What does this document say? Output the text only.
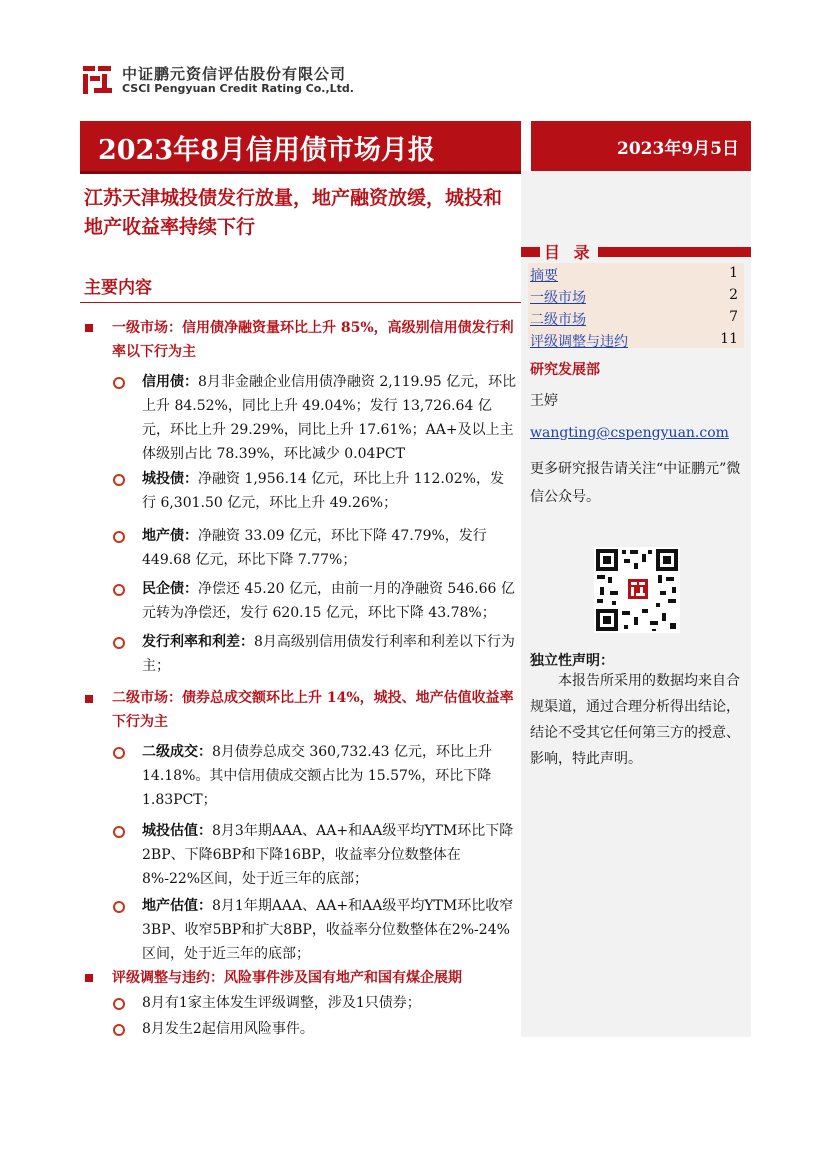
中证鹏元资信评估股份有限公司
CSCI Pengyuan Credit Rating Co.,Ltd.
2023年8月信用债市场月报	2023年9月5日
目 录
摘要	1
一级市场	2
二级市场	7
评级调整与违约	11
研究发展部
王婷
wangting@cspengyuan.com
更多研究报告请关注“中证鹏元”微信公众号。
独立性声明：
本报告所采用的数据均来自合规渠道，通过合理分析得出结论，结论不受其它任何第三方的授意、影响，特此声明。
江苏天津城投债发行放量，地产融资放缓，城投和地产收益率持续下行
主要内容
一级市场：信用债净融资量环比上升 85%，高级别信用债发行利率以下行为主
信用债：8月非金融企业信用债净融资 2,119.95 亿元，环比上升 84.52%，同比上升 49.04%；发行 13,726.64 亿元，环比上升 29.29%，同比上升 17.61%；AA+及以上主体级别占比 78.39%，环比减少 0.04PCT
城投债：净融资 1,956.14 亿元，环比上升 112.02%，发行 6,301.50 亿元，环比上升 49.26%；
地产债：净融资 33.09 亿元，环比下降 47.79%，发行 449.68 亿元，环比下降 7.77%；
民企债：净偿还 45.20 亿元，由前一月的净融资 546.66 亿元转为净偿还，发行 620.15 亿元，环比下降 43.78%；
发行利率和利差：8月高级别信用债发行利率和利差以下行为主；
二级市场：债券总成交额环比上升 14%，城投、地产估值收益率下行为主
二级成交：8月债券总成交 360,732.43 亿元，环比上升 14.18%。其中信用债成交额占比为 15.57%，环比下降 1.83PCT；
城投估值：8月3年期AAA、AA+和AA级平均YTM环比下降2BP、下降6BP和下降16BP，收益率分位数整体在8%-22%区间，处于近三年的底部；
地产估值：8月1年期AAA、AA+和AA级平均YTM环比收窄3BP、收窄5BP和扩大8BP，收益率分位数整体在2%-24%区间，处于近三年的底部；
评级调整与违约：风险事件涉及国有地产和国有煤企展期
8月有1家主体发生评级调整，涉及1只债券；
8月发生2起信用风险事件。
